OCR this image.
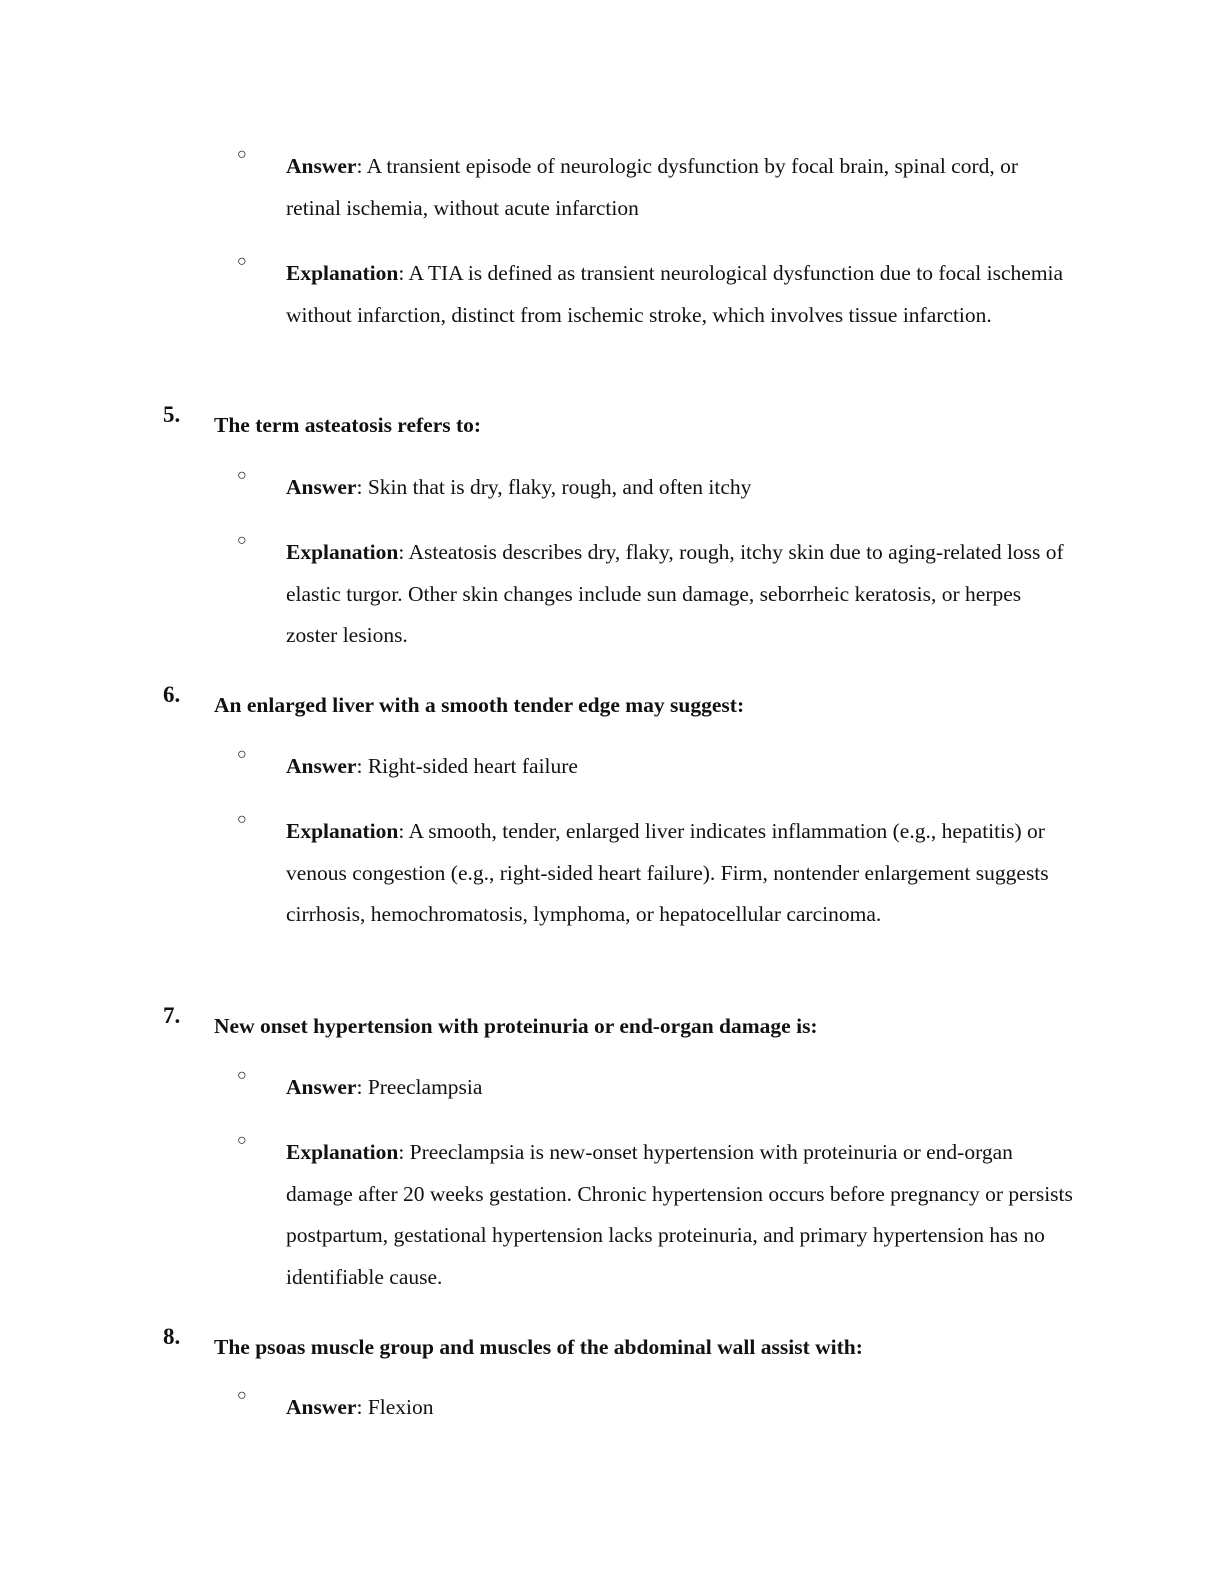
○ Answer: A transient episode of neurologic dysfunction by focal brain, spinal cord, or retinal ischemia, without acute infarction
○ Explanation: A TIA is defined as transient neurological dysfunction due to focal ischemia without infarction, distinct from ischemic stroke, which involves tissue infarction.
5. The term asteatosis refers to:
○ Answer: Skin that is dry, flaky, rough, and often itchy
○ Explanation: Asteatosis describes dry, flaky, rough, itchy skin due to aging-related loss of elastic turgor. Other skin changes include sun damage, seborrheic keratosis, or herpes zoster lesions.
6. An enlarged liver with a smooth tender edge may suggest:
○ Answer: Right-sided heart failure
○ Explanation: A smooth, tender, enlarged liver indicates inflammation (e.g., hepatitis) or venous congestion (e.g., right-sided heart failure). Firm, nontender enlargement suggests cirrhosis, hemochromatosis, lymphoma, or hepatocellular carcinoma.
7. New onset hypertension with proteinuria or end-organ damage is:
○ Answer: Preeclampsia
○ Explanation: Preeclampsia is new-onset hypertension with proteinuria or end-organ damage after 20 weeks gestation. Chronic hypertension occurs before pregnancy or persists postpartum, gestational hypertension lacks proteinuria, and primary hypertension has no identifiable cause.
8. The psoas muscle group and muscles of the abdominal wall assist with:
○ Answer: Flexion
